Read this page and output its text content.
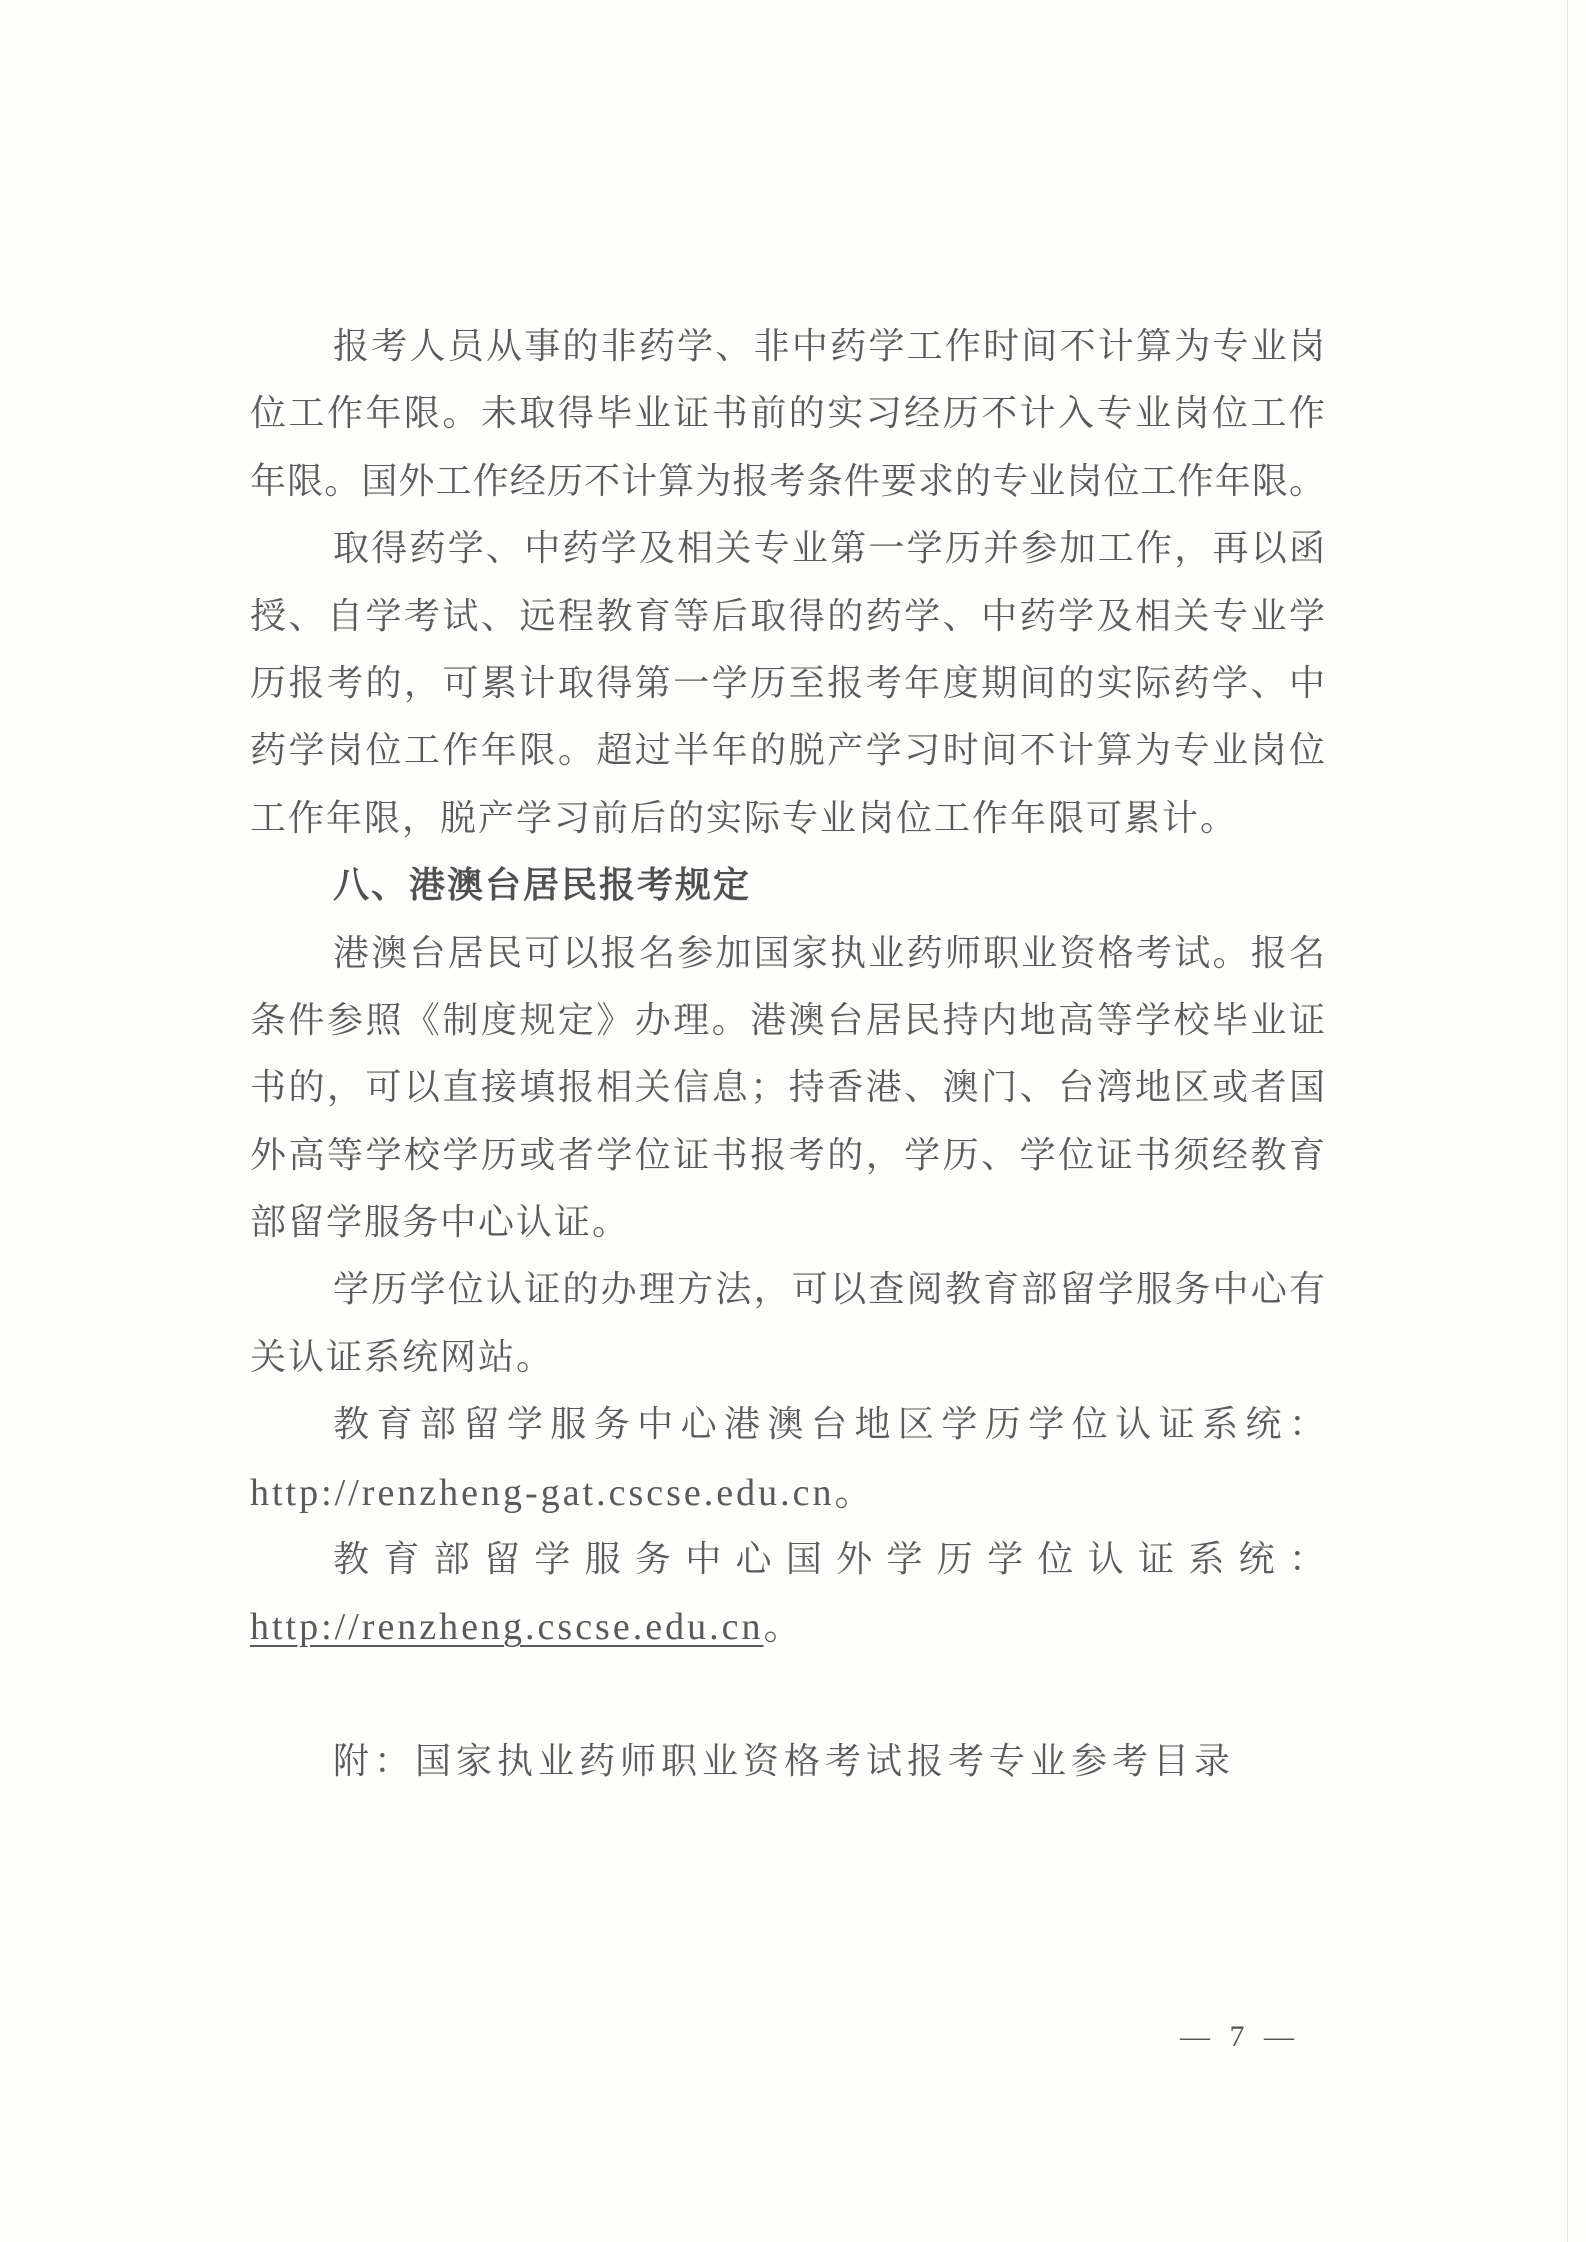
报考人员从事的非药学、非中药学工作时间不计算为专业岗
位工作年限。未取得毕业证书前的实习经历不计入专业岗位工作
年限。国外工作经历不计算为报考条件要求的专业岗位工作年限。
取得药学、中药学及相关专业第一学历并参加工作，再以函
授、自学考试、远程教育等后取得的药学、中药学及相关专业学
历报考的，可累计取得第一学历至报考年度期间的实际药学、中
药学岗位工作年限。超过半年的脱产学习时间不计算为专业岗位
工作年限，脱产学习前后的实际专业岗位工作年限可累计。
八、港澳台居民报考规定
港澳台居民可以报名参加国家执业药师职业资格考试。报名
条件参照《制度规定》办理。港澳台居民持内地高等学校毕业证
书的，可以直接填报相关信息；持香港、澳门、台湾地区或者国
外高等学校学历或者学位证书报考的，学历、学位证书须经教育
部留学服务中心认证。
学历学位认证的办理方法，可以查阅教育部留学服务中心有
关认证系统网站。
教育部留学服务中心港澳台地区学历学位认证系统：
http://renzheng-gat.cscse.edu.cn。
教育部留学服务中心国外学历学位认证系统：
http://renzheng.cscse.edu.cn。
附：国家执业药师职业资格考试报考专业参考目录
— 7 —
